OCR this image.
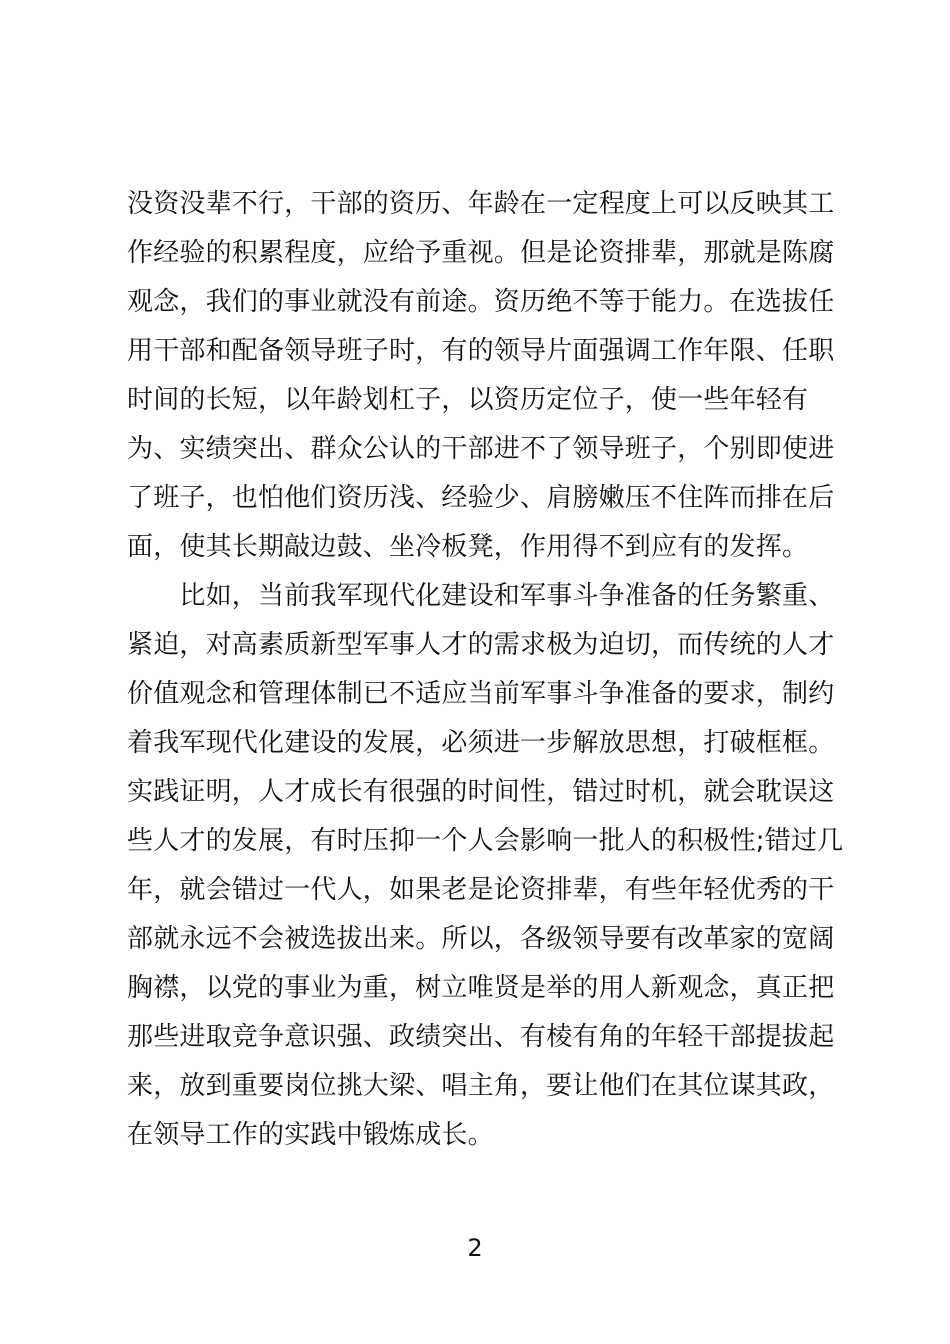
没资没辈不行，干部的资历、年龄在一定程度上可以反映其工
作经验的积累程度，应给予重视。但是论资排辈，那就是陈腐
观念，我们的事业就没有前途。资历绝不等于能力。在选拔任
用干部和配备领导班子时，有的领导片面强调工作年限、任职
时间的长短，以年龄划杠子，以资历定位子，使一些年轻有
为、实绩突出、群众公认的干部进不了领导班子，个别即使进
了班子，也怕他们资历浅、经验少、肩膀嫩压不住阵而排在后
面，使其长期敲边鼓、坐冷板凳，作用得不到应有的发挥。
　　比如，当前我军现代化建设和军事斗争准备的任务繁重、
紧迫，对高素质新型军事人才的需求极为迫切，而传统的人才
价值观念和管理体制已不适应当前军事斗争准备的要求，制约
着我军现代化建设的发展，必须进一步解放思想，打破框框。
实践证明，人才成长有很强的时间性，错过时机，就会耽误这
些人才的发展，有时压抑一个人会影响一批人的积极性;错过几
年，就会错过一代人，如果老是论资排辈，有些年轻优秀的干
部就永远不会被选拔出来。所以，各级领导要有改革家的宽阔
胸襟，以党的事业为重，树立唯贤是举的用人新观念，真正把
那些进取竞争意识强、政绩突出、有棱有角的年轻干部提拔起
来，放到重要岗位挑大梁、唱主角，要让他们在其位谋其政，
在领导工作的实践中锻炼成长。
2
